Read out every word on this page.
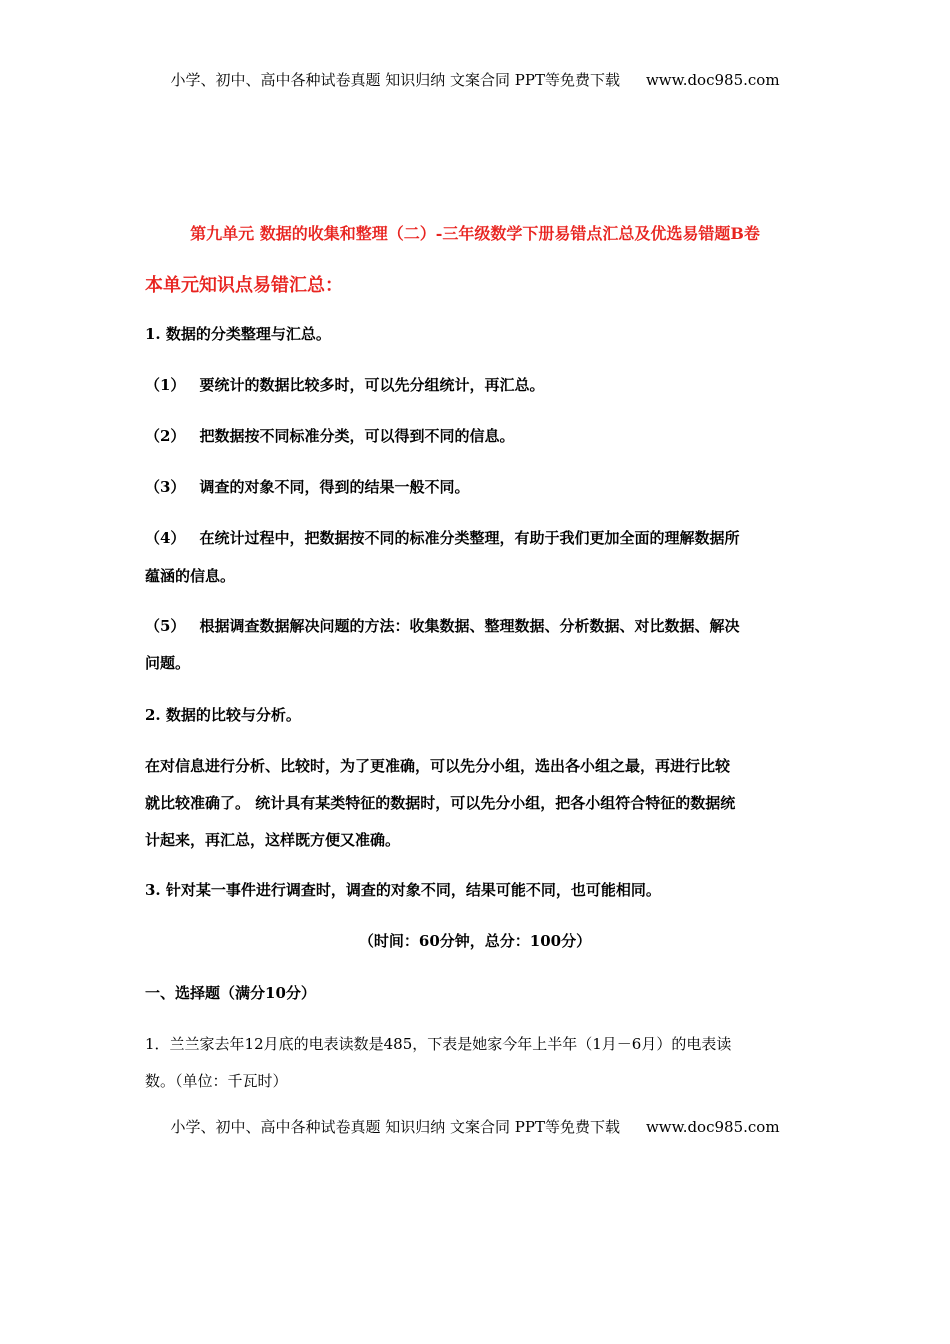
小学、初中、高中各种试卷真题 知识归纳 文案合同 PPT等免费下载 www.doc985.com
第九单元 数据的收集和整理（二）-三年级数学下册易错点汇总及优选易错题B卷
本单元知识点易错汇总：
1. 数据的分类整理与汇总。
（1） 要统计的数据比较多时，可以先分组统计，再汇总。
（2） 把数据按不同标准分类，可以得到不同的信息。
（3） 调查的对象不同，得到的结果一般不同。
（4） 在统计过程中，把数据按不同的标准分类整理，有助于我们更加全面的理解数据所
蕴涵的信息。
（5） 根据调查数据解决问题的方法：收集数据、整理数据、分析数据、对比数据、解决
问题。
2. 数据的比较与分析。
在对信息进行分析、比较时，为了更准确，可以先分小组，选出各小组之最，再进行比较
就比较准确了。 统计具有某类特征的数据时，可以先分小组，把各小组符合特征的数据统
计起来，再汇总，这样既方便又准确。
3. 针对某一事件进行调查时，调查的对象不同，结果可能不同，也可能相同。
（时间：60分钟，总分：100分）
一、选择题（满分10分）
1．兰兰家去年12月底的电表读数是485，下表是她家今年上半年（1月－6月）的电表读
数。（单位：千瓦时）
小学、初中、高中各种试卷真题 知识归纳 文案合同 PPT等免费下载 www.doc985.com
